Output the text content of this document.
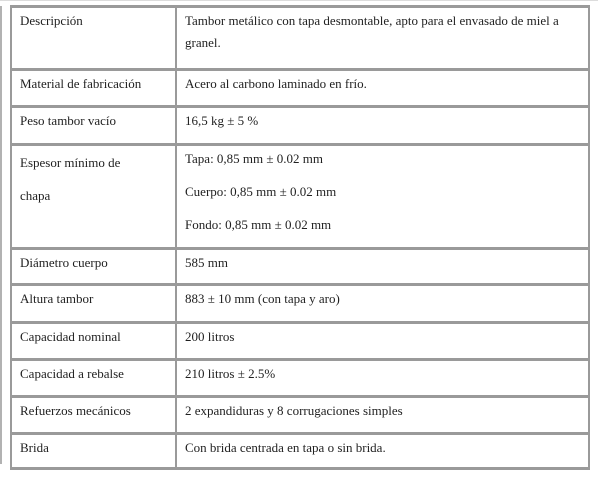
Descripción	Tambor metálico con tapa desmontable, apto para el envasado de miel a granel.

Material de fabricación	Acero al carbono laminado en frío.

Peso tambor vacío	16,5 kg ± 5 %

Espesor mínimo de chapa	Tapa: 0,85 mm ± 0.02 mm
Cuerpo: 0,85 mm ± 0.02 mm
Fondo: 0,85 mm ± 0.02 mm

Diámetro cuerpo	585 mm

Altura tambor	883 ± 10 mm (con tapa y aro)

Capacidad nominal	200 litros

Capacidad a rebalse	210 litros ± 2.5%

Refuerzos mecánicos	2 expandiduras y 8 corrugaciones simples

Brida	Con brida centrada en tapa o sin brida.
